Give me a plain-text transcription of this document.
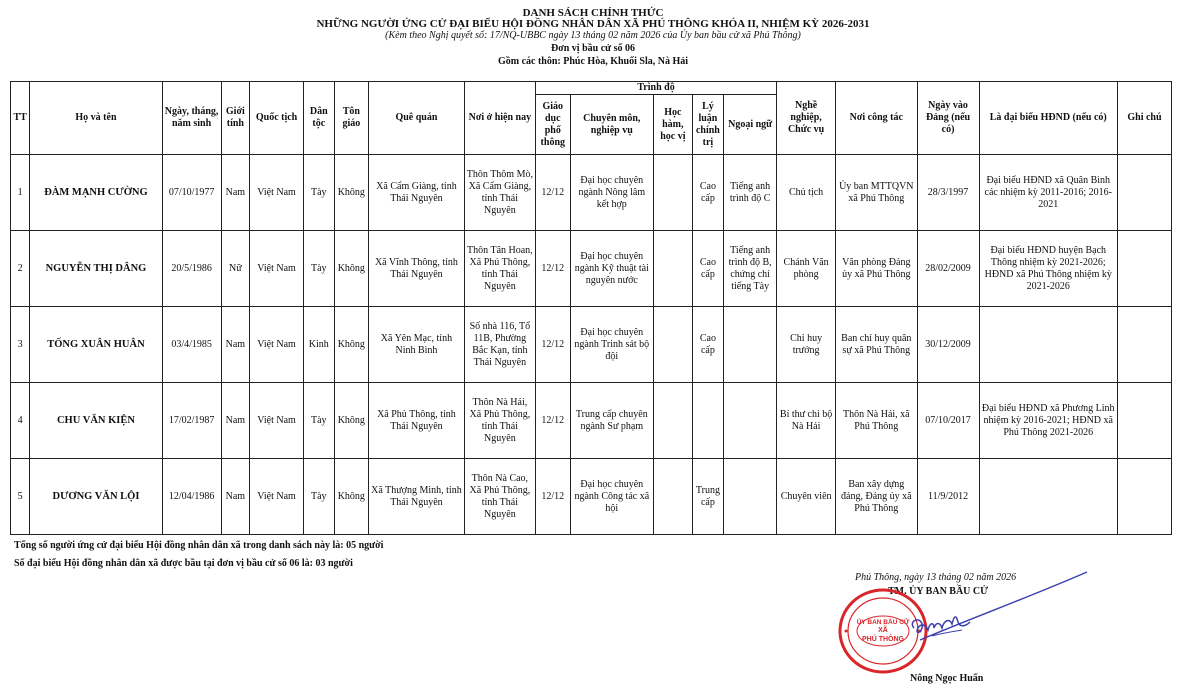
DANH SÁCH CHÍNH THỨC
NHỮNG NGƯỜI ỨNG CỬ ĐẠI BIỂU HỘI ĐỒNG NHÂN DÂN XÃ PHÚ THÔNG KHÓA II, NHIỆM KỲ 2026-2031
(Kèm theo Nghị quyết số: 17/NQ-UBBC ngày 13 tháng 02 năm 2026 của Ủy ban bầu cử xã Phú Thông)
Đơn vị bầu cử số 06
Gồm các thôn: Phúc Hòa, Khuổi Sla, Nà Hải
TT	Họ và tên	Ngày, tháng, năm sinh	Giới tính	Quốc tịch	Dân tộc	Tôn giáo	Quê quán	Nơi ở hiện nay	Trình độ					Nghề nghiệp, Chức vụ	Nơi công tác	Ngày vào Đảng (nếu có)	Là đại biểu HĐND (nếu có)	Ghi chú
									Giáo dục phổ thông	Chuyên môn, nghiệp vụ	Học hàm, học vị	Lý luận chính trị	Ngoại ngữ					
1	ĐÀM MẠNH CƯỜNG	07/10/1977	Nam	Việt Nam	Tày	Không	Xã Cẩm Giàng, tỉnh Thái Nguyên	Thôn Thôm Mò, Xã Cẩm Giàng, tỉnh Thái Nguyên	12/12	Đại học chuyên ngành Nông lâm kết hợp		Cao cấp	Tiếng anh trình độ C	Chủ tịch	Ủy ban MTTQVN xã Phú Thông	28/3/1997	Đại biểu HĐND xã Quân Bình các nhiệm kỳ 2011-2016; 2016-2021	
2	NGUYỄN THỊ DÂNG	20/5/1986	Nữ	Việt Nam	Tày	Không	Xã Vĩnh Thông, tỉnh Thái Nguyên	Thôn Tân Hoan, Xã Phú Thông, tỉnh Thái Nguyên	12/12	Đại học chuyên ngành Kỹ thuật tài nguyên nước		Cao cấp	Tiếng anh trình độ B, chứng chỉ tiếng Tày	Chánh Văn phòng	Văn phòng Đảng ủy xã Phú Thông	28/02/2009	Đại biểu HĐND huyện Bạch Thông nhiệm kỳ 2021-2026; HĐND xã Phú Thông nhiệm kỳ 2021-2026	
3	TỐNG XUÂN HUÂN	03/4/1985	Nam	Việt Nam	Kinh	Không	Xã Yên Mạc, tỉnh Ninh Bình	Số nhà 116, Tổ 11B, Phường Bắc Kạn, tỉnh Thái Nguyên	12/12	Đại học chuyên ngành Trinh sát bộ đội		Cao cấp		Chỉ huy trưởng	Ban chỉ huy quân sự xã Phú Thông	30/12/2009		
4	CHU VĂN KIỆN	17/02/1987	Nam	Việt Nam	Tày	Không	Xã Phủ Thông, tỉnh Thái Nguyên	Thôn Nà Hải, Xã Phủ Thông, tỉnh Thái Nguyên	12/12	Trung cấp chuyên ngành Sư phạm				Bí thư chi bộ Nà Hải	Thôn Nà Hải, xã Phú Thông	07/10/2017	Đại biểu HĐND xã Phương Linh nhiệm kỳ 2016-2021; HĐND xã Phú Thông 2021-2026	
5	DƯƠNG VĂN LỘI	12/04/1986	Nam	Việt Nam	Tày	Không	Xã Thượng Minh, tỉnh Thái Nguyên	Thôn Nà Cao, Xã Phủ Thông, tỉnh Thái Nguyên	12/12	Đại học chuyên ngành Công tác xã hội		Trung cấp		Chuyên viên	Ban xây dựng đảng, Đảng ủy xã Phú Thông	11/9/2012		
Tổng số người ứng cử đại biểu Hội đồng nhân dân xã trong danh sách này là: 05 người
Số đại biểu Hội đồng nhân dân xã được bầu tại đơn vị bầu cử số 06 là: 03 người
Phú Thông, ngày 13 tháng 02 năm 2026
TM. ỦY BAN BẦU CỬ
ỦY BAN BẦU CỬ
XÃ
PHÚ THÔNG
Nông Ngọc Huấn
